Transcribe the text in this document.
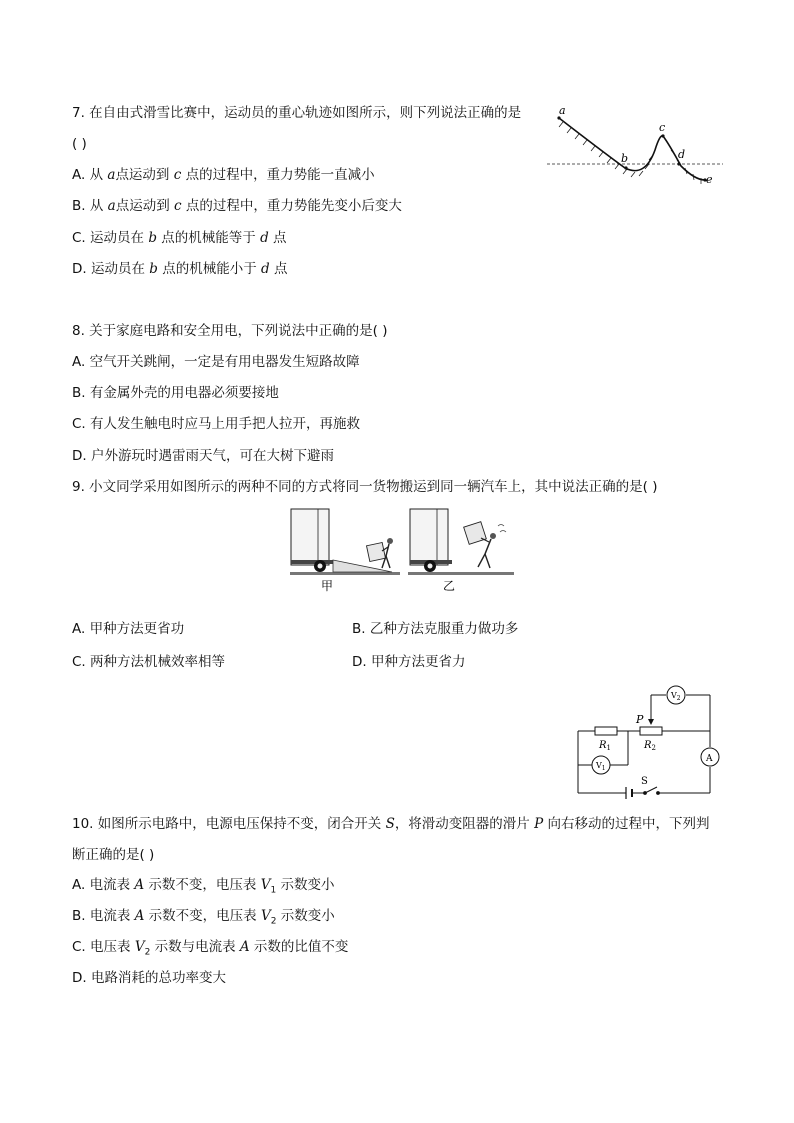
7. 在自由式滑雪比赛中，运动员的重心轨迹如图所示，则下列说法正确的是
( )
a
b
c
d
e
A. 从 a点运动到 c 点的过程中，重力势能一直减小
B. 从 a点运动到 c 点的过程中，重力势能先变小后变大
C. 运动员在 b 点的机械能等于 d 点
D. 运动员在 b 点的机械能小于 d 点
8. 关于家庭电路和安全用电，下列说法中正确的是( )
A. 空气开关跳闸，一定是有用电器发生短路故障
B. 有金属外壳的用电器必须要接地
C. 有人发生触电时应马上用手把人拉开，再施救
D. 户外游玩时遇雷雨天气，可在大树下避雨
9. 小文同学采用如图所示的两种不同的方式将同一货物搬运到同一辆汽车上，其中说法正确的是( )
甲	乙
A. 甲种方法更省功	B. 乙种方法克服重力做功多
C. 两种方法机械效率相等	D. 甲种方法更省力
P
$R_1$	$R_2$
$V_1$
$V_2$
A
S
10. 如图所示电路中，电源电压保持不变，闭合开关 S，将滑动变阻器的滑片 P 向右移动的过程中，下列判
断正确的是( )
A. 电流表 A 示数不变，电压表 $V_1$ 示数变小
B. 电流表 A 示数不变，电压表 $V_2$ 示数变小
C. 电压表 $V_2$ 示数与电流表 A 示数的比值不变
D. 电路消耗的总功率变大
